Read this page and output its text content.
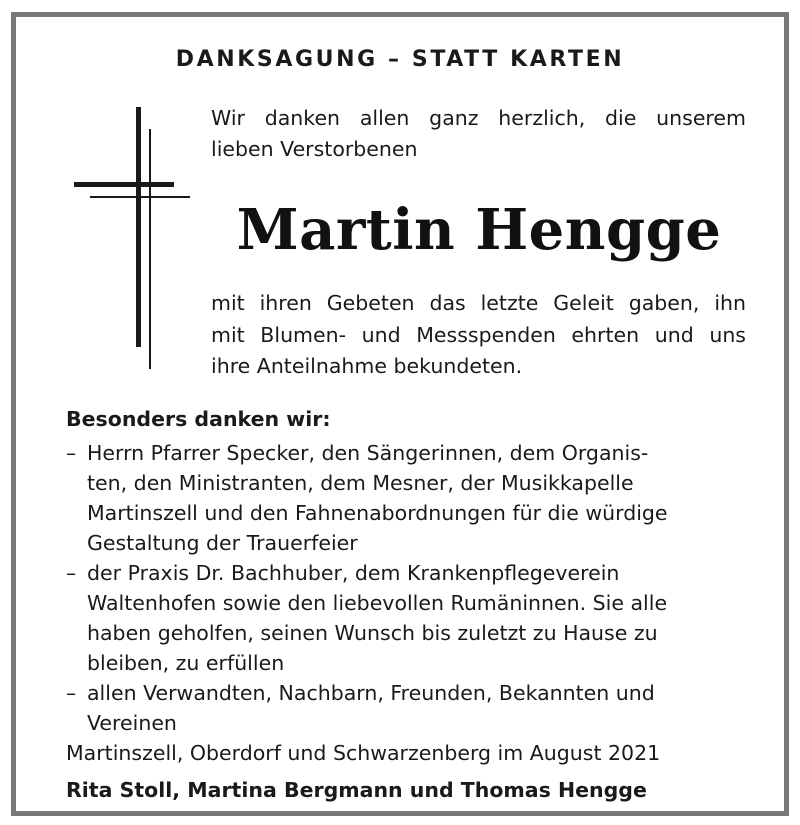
DANKSAGUNG – STATT KARTEN
Wir danken allen ganz herzlich, die unserem
lieben Verstorbenen
Martin Hengge
mit ihren Gebeten das letzte Geleit gaben, ihn
mit Blumen- und Messspenden ehrten und uns
ihre Anteilnahme bekundeten.
Besonders danken wir:
– Herrn Pfarrer Specker, den Sängerinnen, dem Organis-
ten, den Ministranten, dem Mesner, der Musikkapelle
Martinszell und den Fahnenabordnungen für die würdige
Gestaltung der Trauerfeier
– der Praxis Dr. Bachhuber, dem Krankenpflegeverein
Waltenhofen sowie den liebevollen Rumäninnen. Sie alle
haben geholfen, seinen Wunsch bis zuletzt zu Hause zu
bleiben, zu erfüllen
– allen Verwandten, Nachbarn, Freunden, Bekannten und
Vereinen
Martinszell, Oberdorf und Schwarzenberg im August 2021
Rita Stoll, Martina Bergmann und Thomas Hengge
